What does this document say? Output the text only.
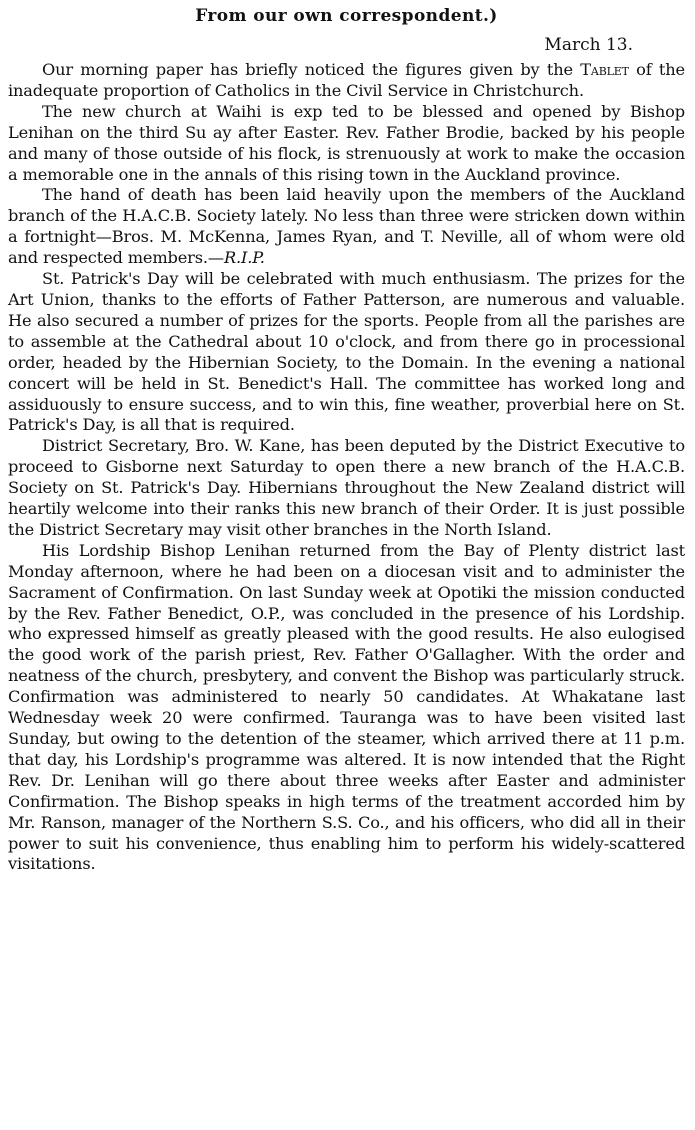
From our own correspondent.)

March 13.

Our morning paper has briefly noticed the figures given by the Tablet of the inadequate proportion of Catholics in the Civil Service in Christchurch.

The new church at Waihi is exp ted to be blessed and opened by Bishop Lenihan on the third Su ay after Easter. Rev. Father Brodie, backed by his people and many of those outside of his flock, is strenuously at work to make the occasion a memorable one in the annals of this rising town in the Auckland province.

The hand of death has been laid heavily upon the members of the Auckland branch of the H.A.C.B. Society lately. No less than three were stricken down within a fortnight—Bros. M. McKenna, James Ryan, and T. Neville, all of whom were old and respected members.—R.I.P.

St. Patrick's Day will be celebrated with much enthusiasm. The prizes for the Art Union, thanks to the efforts of Father Patterson, are numerous and valuable. He also secured a number of prizes for the sports. People from all the parishes are to assemble at the Cathedral about 10 o'clock, and from there go in processional order, headed by the Hibernian Society, to the Domain. In the evening a national concert will be held in St. Benedict's Hall. The committee has worked long and assiduously to ensure success, and to win this, fine weather, proverbial here on St. Patrick's Day, is all that is required.

District Secretary, Bro. W. Kane, has been deputed by the District Executive to proceed to Gisborne next Saturday to open there a new branch of the H.A.C.B. Society on St. Patrick's Day. Hibernians throughout the New Zealand district will heartily welcome into their ranks this new branch of their Order. It is just possible the District Secretary may visit other branches in the North Island.

His Lordship Bishop Lenihan returned from the Bay of Plenty district last Monday afternoon, where he had been on a diocesan visit and to administer the Sacrament of Confirmation. On last Sunday week at Opotiki the mission conducted by the Rev. Father Benedict, O.P., was concluded in the presence of his Lordship. who expressed himself as greatly pleased with the good results. He also eulogised the good work of the parish priest, Rev. Father O'Gallagher. With the order and neatness of the church, presbytery, and convent the Bishop was particularly struck. Confirmation was administered to nearly 50 candidates. At Whakatane last Wednesday week 20 were confirmed. Tauranga was to have been visited last Sunday, but owing to the detention of the steamer, which arrived there at 11 p.m. that day, his Lordship's programme was altered. It is now intended that the Right Rev. Dr. Lenihan will go there about three weeks after Easter and administer Confirmation. The Bishop speaks in high terms of the treatment accorded him by Mr. Ranson, manager of the Northern S.S. Co., and his officers, who did all in their power to suit his convenience, thus enabling him to perform his widely-scattered visitations.
